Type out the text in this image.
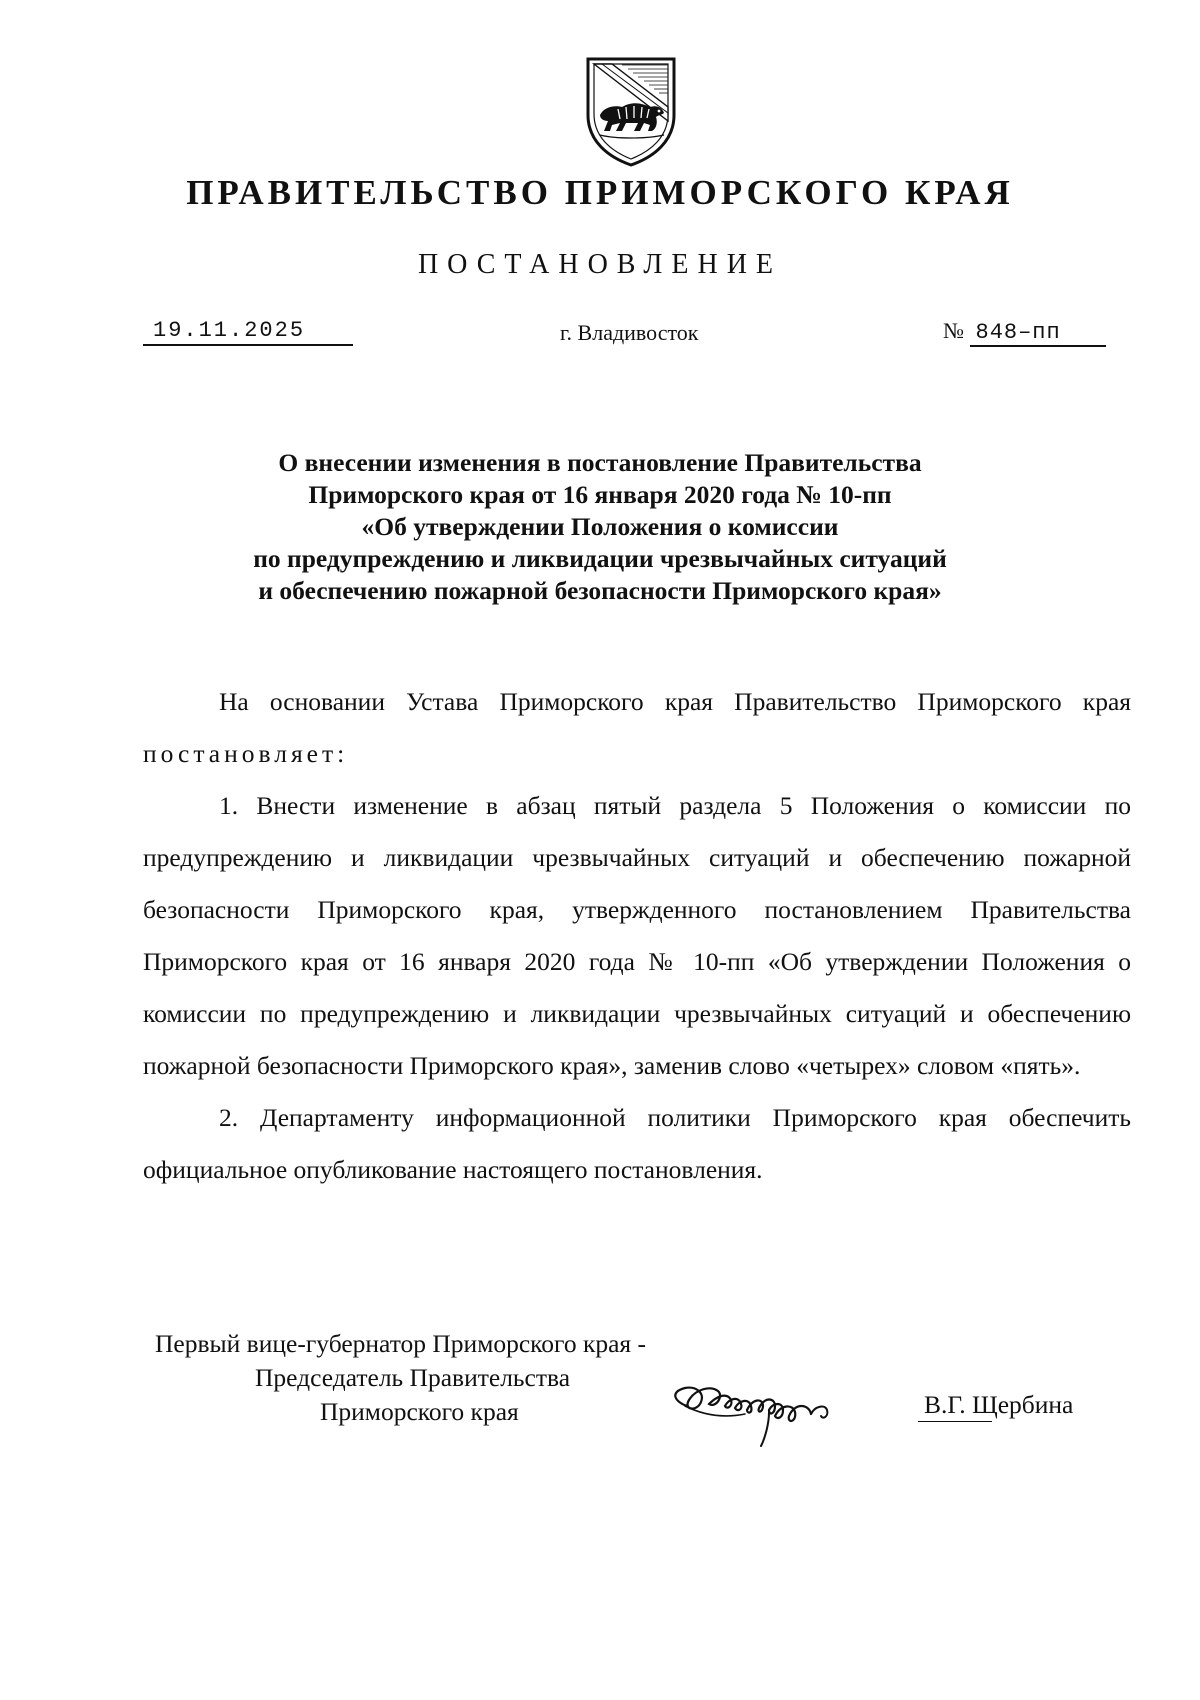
ПРАВИТЕЛЬСТВО ПРИМОРСКОГО КРАЯ
ПОСТАНОВЛЕНИЕ
19.11.2025	г. Владивосток	№ 848–пп
О внесении изменения в постановление Правительства
Приморского края от 16 января 2020 года № 10-пп
«Об утверждении Положения о комиссии
по предупреждению и ликвидации чрезвычайных ситуаций
и обеспечению пожарной безопасности Приморского края»

На основании Устава Приморского края Правительство Приморского края постановляет:

1. Внести изменение в абзац пятый раздела 5 Положения о комиссии по предупреждению и ликвидации чрезвычайных ситуаций и обеспечению пожарной безопасности Приморского края, утвержденного постановлением Правительства Приморского края от 16 января 2020 года № 10-пп «Об утверждении Положения о комиссии по предупреждению и ликвидации чрезвычайных ситуаций и обеспечению пожарной безопасности Приморского края», заменив слово «четырех» словом «пять».

2. Департаменту информационной политики Приморского края обеспечить официальное опубликование настоящего постановления.

Первый вице-губернатор Приморского края -
Председатель Правительства
Приморского края	В.Г. Щербина
